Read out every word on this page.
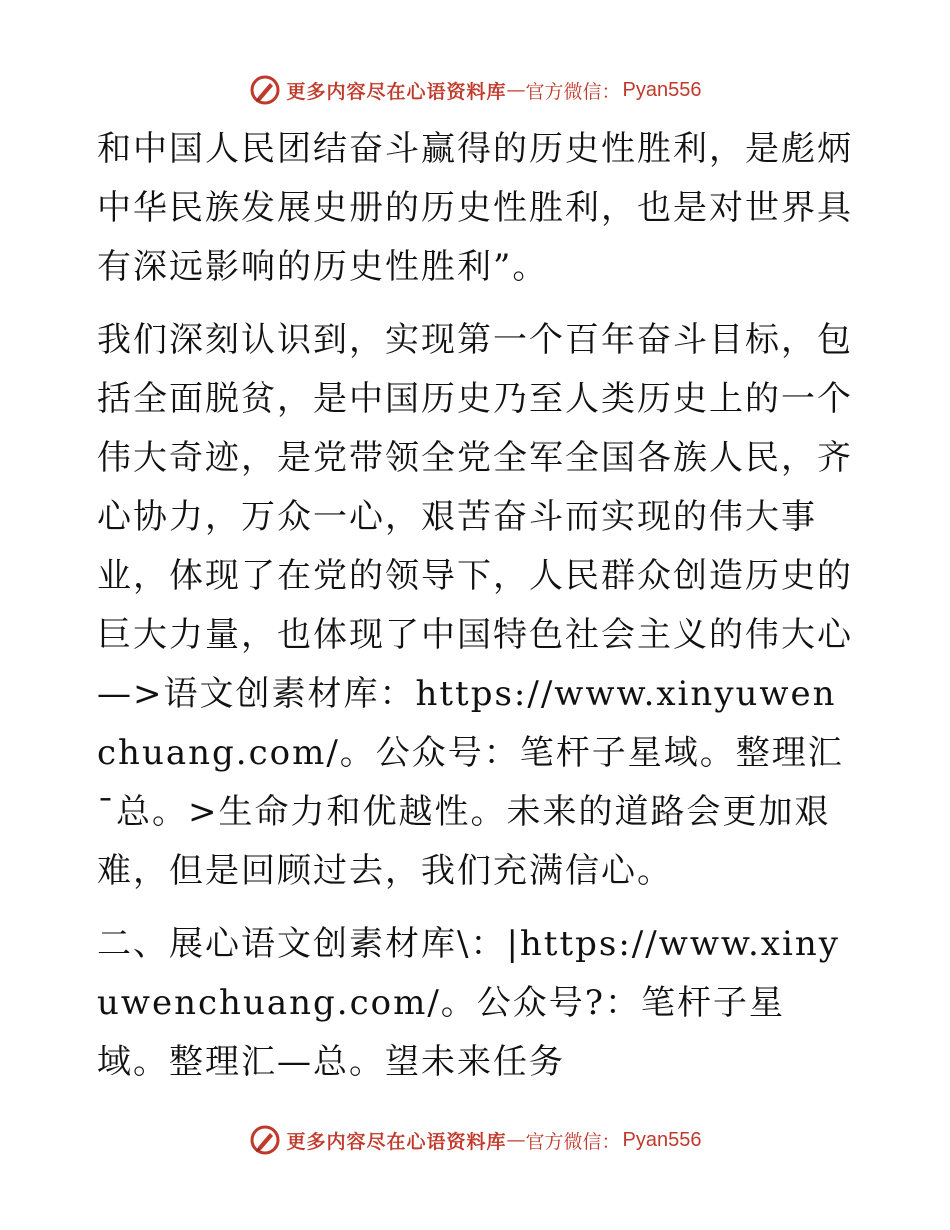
更多内容尽在心语资料库 — 官方微信： Pyan556

和中国人民团结奋斗赢得的历史性胜利，是彪炳中华民族发展史册的历史性胜利，也是对世界具有深远影响的历史性胜利”。

我们深刻认识到，实现第一个百年奋斗目标，包括全面脱贫，是中国历史乃至人类历史上的一个伟大奇迹，是党带领全党全军全国各族人民，齐心协力，万众一心，艰苦奋斗而实现的伟大事业，体现了在党的领导下，人民群众创造历史的巨大力量，也体现了中国特色社会主义的伟大心—>语文创素材库：https://www.xinyuwenchuang.com/。公众号：笔杆子星域。整理汇¯总。>生命力和优越性。未来的道路会更加艰难，但是回顾过去，我们充满信心。

二、展心语文创素材库\：|https://www.xinyuwenchuang.com/。公众号?：笔杆子星域。整理汇—总。望未来任务

更多内容尽在心语资料库 — 官方微信： Pyan556
